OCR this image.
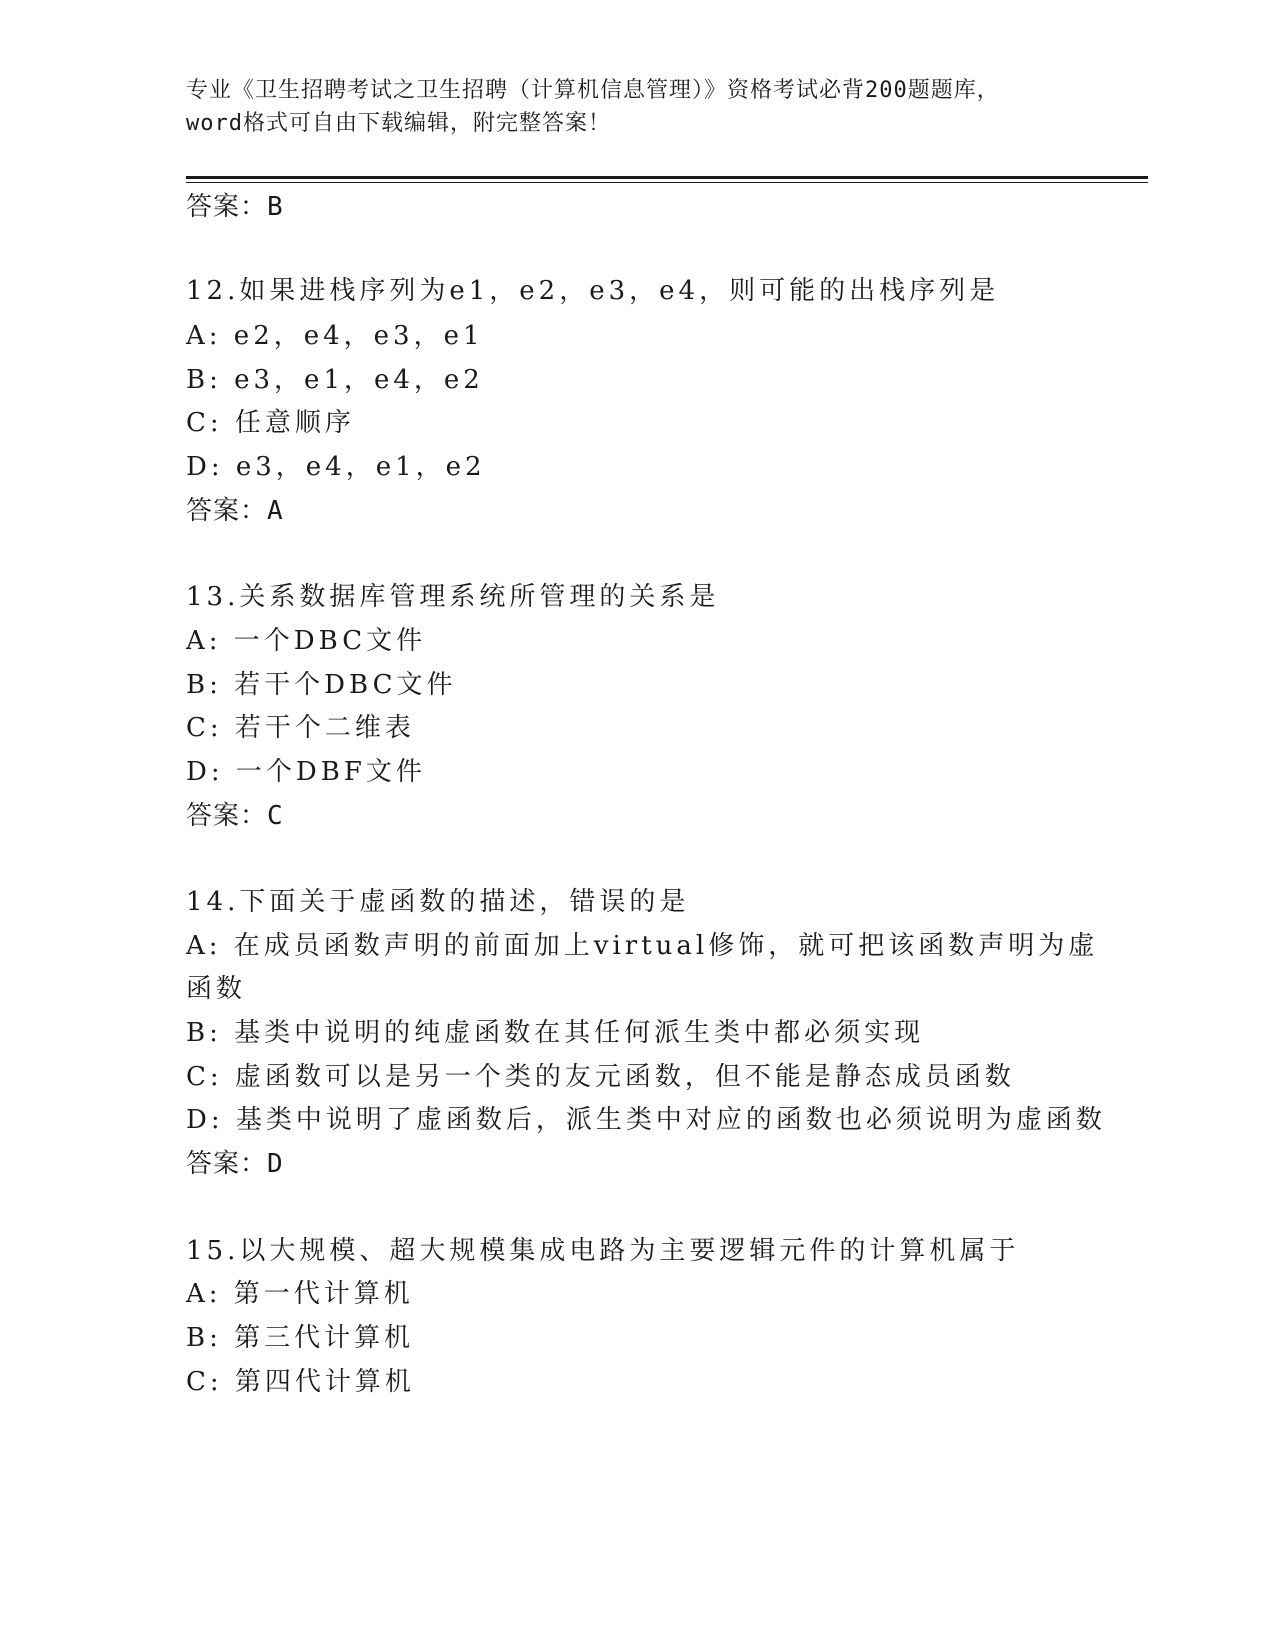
专业《卫生招聘考试之卫生招聘（计算机信息管理）》资格考试必背200题题库，
word格式可自由下载编辑，附完整答案！
答案：B
12.如果进栈序列为e1，e2，e3，e4，则可能的出栈序列是
A: e2，e4，e3，e1
B: e3，e1，e4，e2
C: 任意顺序
D: e3，e4，e1，e2
答案：A
13.关系数据库管理系统所管理的关系是
A: 一个DBC文件
B: 若干个DBC文件
C: 若干个二维表
D: 一个DBF文件
答案：C
14.下面关于虚函数的描述，错误的是
A: 在成员函数声明的前面加上virtual修饰，就可把该函数声明为虚
函数
B: 基类中说明的纯虚函数在其任何派生类中都必须实现
C: 虚函数可以是另一个类的友元函数，但不能是静态成员函数
D: 基类中说明了虚函数后，派生类中对应的函数也必须说明为虚函数
答案：D
15.以大规模、超大规模集成电路为主要逻辑元件的计算机属于
A: 第一代计算机
B: 第三代计算机
C: 第四代计算机
